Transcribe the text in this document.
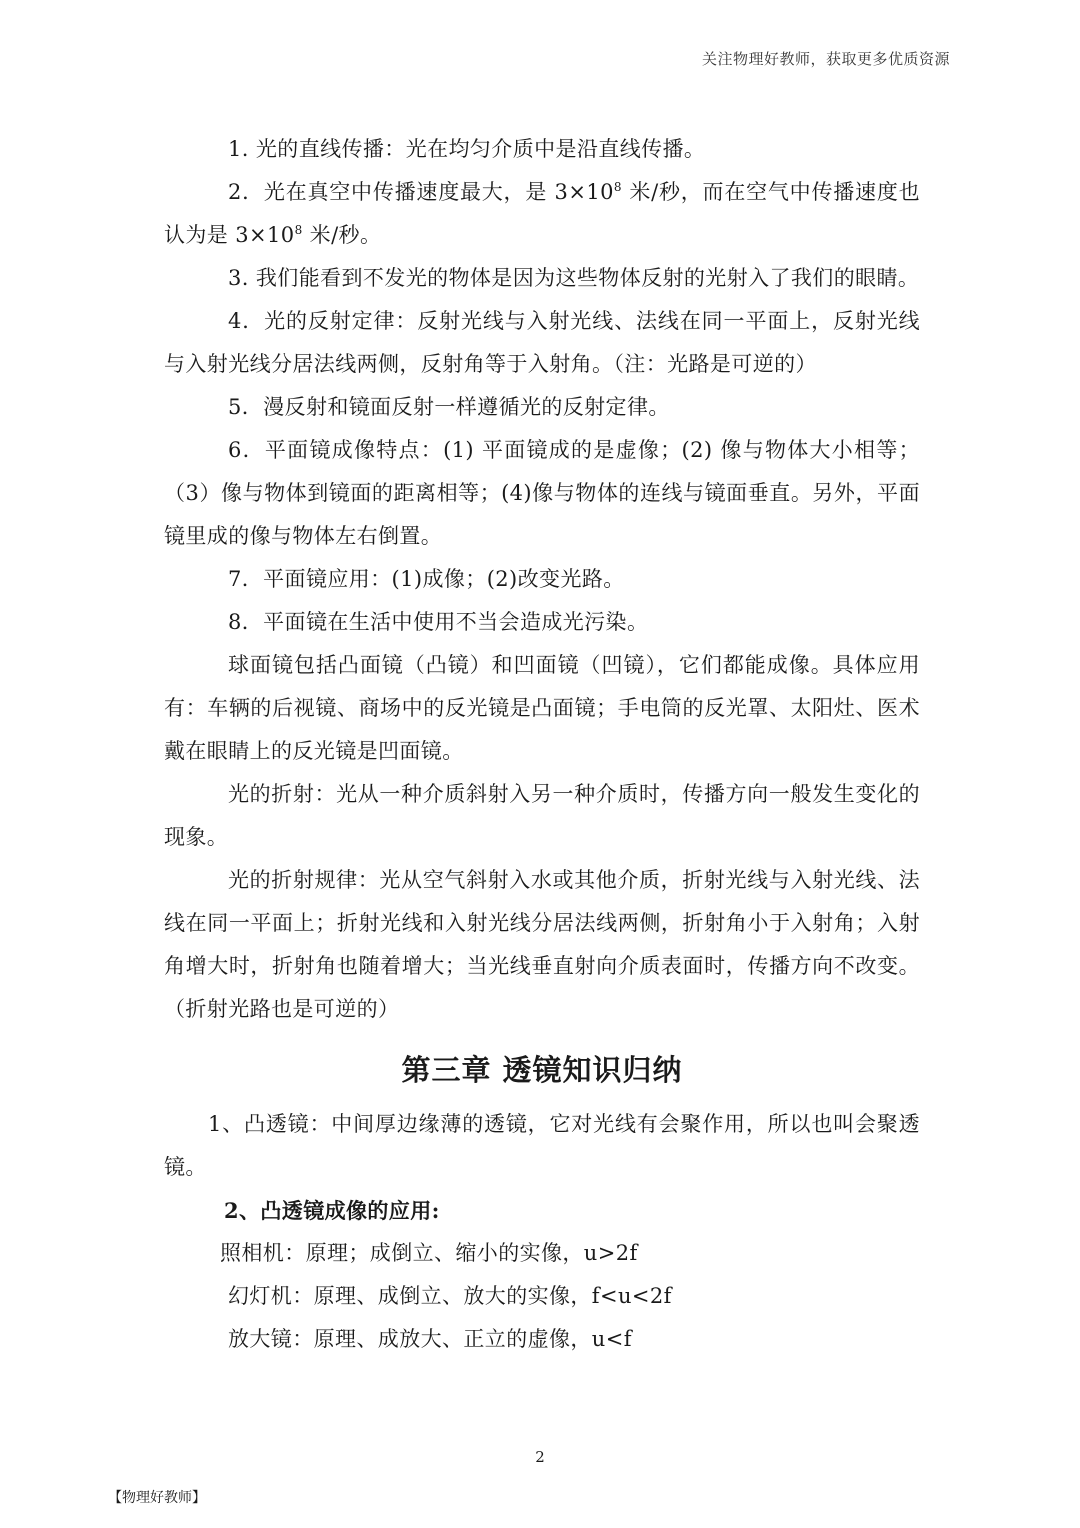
关注物理好教师，获取更多优质资源

1. 光的直线传播：光在均匀介质中是沿直线传播。

2．光在真空中传播速度最大，是 $3\times 10^8$ 米/秒，而在空气中传播速度也认为是 $3\times 10^8$ 米/秒。

3. 我们能看到不发光的物体是因为这些物体反射的光射入了我们的眼睛。

4．光的反射定律：反射光线与入射光线、法线在同一平面上，反射光线与入射光线分居法线两侧，反射角等于入射角。（注：光路是可逆的）

5．漫反射和镜面反射一样遵循光的反射定律。

6．平面镜成像特点：(1) 平面镜成的是虚像；(2) 像与物体大小相等；（3）像与物体到镜面的距离相等；(4)像与物体的连线与镜面垂直。另外，平面镜里成的像与物体左右倒置。

7．平面镜应用：(1)成像；(2)改变光路。

8．平面镜在生活中使用不当会造成光污染。

球面镜包括凸面镜（凸镜）和凹面镜（凹镜），它们都能成像。具体应用有：车辆的后视镜、商场中的反光镜是凸面镜；手电筒的反光罩、太阳灶、医术戴在眼睛上的反光镜是凹面镜。

光的折射：光从一种介质斜射入另一种介质时，传播方向一般发生变化的现象。

光的折射规律：光从空气斜射入水或其他介质，折射光线与入射光线、法线在同一平面上；折射光线和入射光线分居法线两侧，折射角小于入射角；入射角增大时，折射角也随着增大；当光线垂直射向介质表面时，传播方向不改变。（折射光路也是可逆的）

第三章 透镜知识归纳

1、凸透镜：中间厚边缘薄的透镜，它对光线有会聚作用，所以也叫会聚透镜。

2、凸透镜成像的应用:

照相机：原理；成倒立、缩小的实像，u>2f

幻灯机：原理、成倒立、放大的实像，f<u<2f

放大镜：原理、成放大、正立的虚像，u<f

2
【物理好教师】
